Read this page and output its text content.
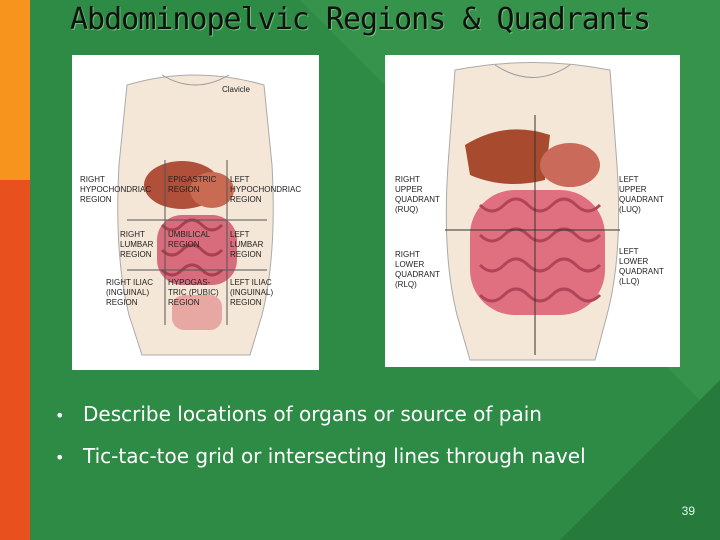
Abdominopelvic Regions & Quadrants
Clavicle
RIGHT
HYPOCHONDRIAC
REGION
EPIGASTRIC
REGION
LEFT
HYPOCHONDRIAC
REGION
RIGHT
LUMBAR
REGION
UMBILICAL
REGION
LEFT
LUMBAR
REGION
RIGHT ILIAC
(INGUINAL)
REGION
HYPOGAS-
TRIC (PUBIC)
REGION
LEFT ILIAC
(INGUINAL)
REGION
RIGHT
UPPER
QUADRANT
(RUQ)
LEFT
UPPER
QUADRANT
(LUQ)
RIGHT
LOWER
QUADRANT
(RLQ)
LEFT
LOWER
QUADRANT
(LLQ)
• Describe locations of organs or source of pain
• Tic-tac-toe grid or intersecting lines through navel
39
